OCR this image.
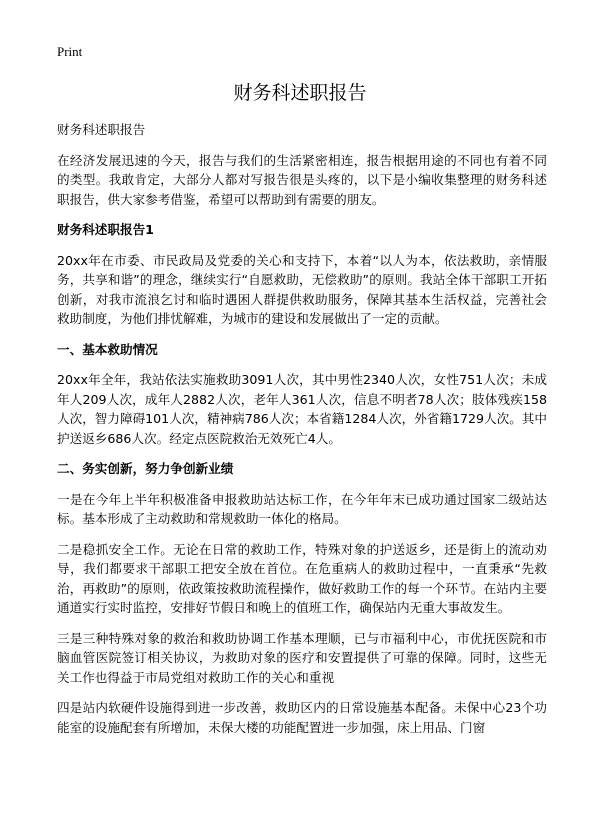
Print
财务科述职报告

财务科述职报告

在经济发展迅速的今天，报告与我们的生活紧密相连，报告根据用途的不同也有着不同的类型。我敢肯定，大部分人都对写报告很是头疼的，以下是小编收集整理的财务科述职报告，供大家参考借鉴，希望可以帮助到有需要的朋友。

财务科述职报告1

20xx年在市委、市民政局及党委的关心和支持下，本着“以人为本，依法救助，亲情服务，共享和谐”的理念，继续实行“自愿救助，无偿救助”的原则。我站全体干部职工开拓创新，对我市流浪乞讨和临时遇困人群提供救助服务，保障其基本生活权益，完善社会救助制度，为他们排忧解难，为城市的建设和发展做出了一定的贡献。

一、基本救助情况

20xx年全年，我站依法实施救助3091人次，其中男性2340人次，女性751人次；未成年人209人次，成年人2882人次，老年人361人次，信息不明者78人次；肢体残疾158人次，智力障碍101人次，精神病786人次；本省籍1284人次，外省籍1729人次。其中护送返乡686人次。经定点医院救治无效死亡4人。

二、务实创新，努力争创新业绩

一是在今年上半年积极准备申报救助站达标工作，在今年年末已成功通过国家二级站达标。基本形成了主动救助和常规救助一体化的格局。

二是稳抓安全工作。无论在日常的救助工作，特殊对象的护送返乡，还是街上的流动劝导，我们都要求干部职工把安全放在首位。在危重病人的救助过程中，一直秉承“先救治，再救助”的原则，依政策按救助流程操作，做好救助工作的每一个环节。在站内主要通道实行实时监控，安排好节假日和晚上的值班工作，确保站内无重大事故发生。

三是三种特殊对象的救治和救助协调工作基本理顺，已与市福利中心，市优抚医院和市脑血管医院签订相关协议，为救助对象的医疗和安置提供了可靠的保障。同时，这些无关工作也得益于市局党组对救助工作的关心和重视

四是站内软硬件设施得到进一步改善，救助区内的日常设施基本配备。未保中心23个功能室的设施配套有所增加，未保大楼的功能配置进一步加强，床上用品、门窗
